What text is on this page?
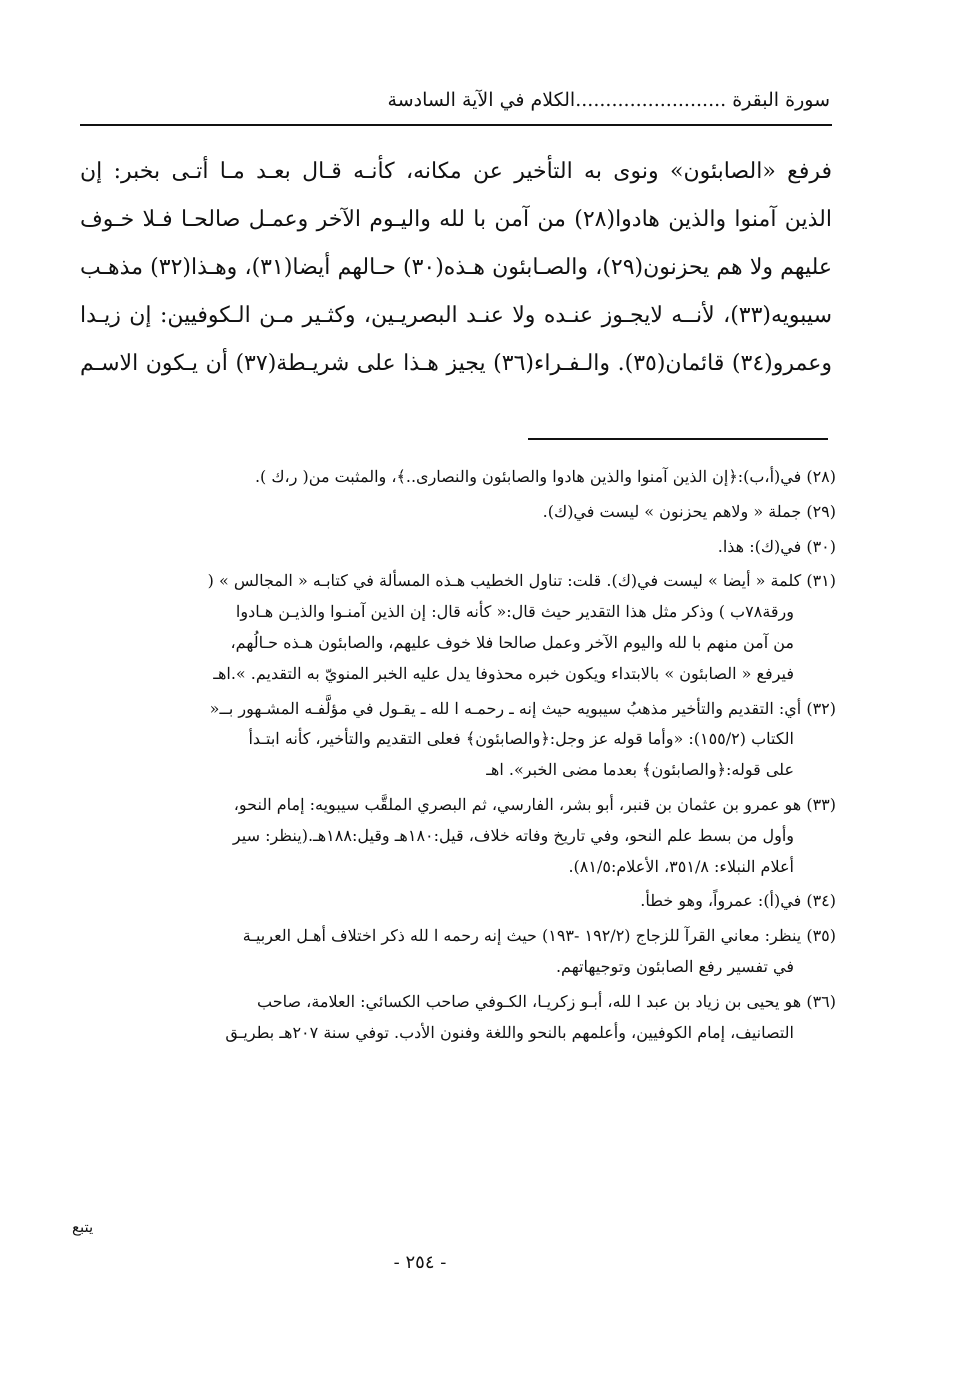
سورة البقرة .........................الكلام في الآية السادسة

فرفع «الصابئون» ونوى به التأخير عن مكانه، كأنـه قـال بعـد مـا أتـى بخبر: إن

الذين آمنوا والذين هادوا(٢٨) من آمن با لله واليـوم الآخر وعمـل صالحـا فـلا خـوف

عليهم ولا هم يحزنون(٢٩)، والصـابئون هـذه(٣٠) حـالهم أيضا(٣١)، وهـذا(٣٢) مذهـب

سيبويه(٣٣)، لأنــه لايجـوز عنـده ولا عنـد البصريـين، وكثـير مـن الـكوفيين: إن زيـدا

وعمرو(٣٤) قائمان(٣٥). والـفـراء(٣٦) يجيز هـذا على شريـطة(٣٧) أن يـكون الاسـم

(٢٨) في(أ،ب):﴿إن الذين آمنوا والذين هادوا والصابئون والنصارى..﴾، والمثبت من( ر،ك ).
(٢٩) جملة « ولاهم يحزنون » ليست في(ك).
(٣٠) في(ك): هذا.
(٣١) كلمة « أيضا » ليست في(ك). قلت: تناول الخطيب هـذه المسألة في كتابـه « المجالس » (
ورقة٧٨ب ) وذكر مثل هذا التقدير حيث قال:« كأنه قال: إن الذين آمنـوا والذيـن هـادوا
من آمن منهم با لله واليوم الآخر وعمل صالحا فلا خوف عليهم، والصابئون هـذه حـالُهم،
فيرفع « الصابئون » بالابتداء ويكون خبره محذوفا يدل عليه الخبر المنويّ به التقديم. ».اهـ
(٣٢) أي: التقديم والتأخير مذهبُ سيبويه حيث إنه ـ رحمـه ا لله ـ يقـول في مؤلَّفـه المشـهور بــ«
الكتاب (١٥٥/٢): «وأما قوله عز وجل:﴿والصابئون﴾ فعلى التقديم والتأخير، كأنه ابتـدأ
على قوله:﴿والصابئون﴾ بعدما مضى الخبر». اهـ
(٣٣) هو عمرو بن عثمان بن قنبر، أبو بشر، الفارسي، ثم البصري الملقَّب سيبويه: إمام النحو،
وأول من بسط علم النحو، وفي تاريخ وفاته خلاف، قيل:١٨٠هـ وقيل:١٨٨هـ.(ينظر: سير
أعلام النبلاء: ٣٥١/٨، الأعلام:٨١/٥).
(٣٤) في(أ): عمرواً، وهو خطأ.
(٣٥) ينظر: معاني القرآ للزجاج (١٩٢/٢ -١٩٣) حيث إنه رحمه ا لله ذكر اختلاف أهـل العربيـة
في تفسير رفع الصابئون وتوجيهاتهم.
(٣٦) هو يحيى بن زياد بن عبد ا لله، أبـو زكريـا، الكـوفي صاحب الكسائي: العلامة، صاحب
التصانيف، إمام الكوفيين، وأعلمهم بالنحو واللغة وفنون الأدب. توفي سنة ٢٠٧هـ بطريـق
يتبع
- ٢٥٤ -
